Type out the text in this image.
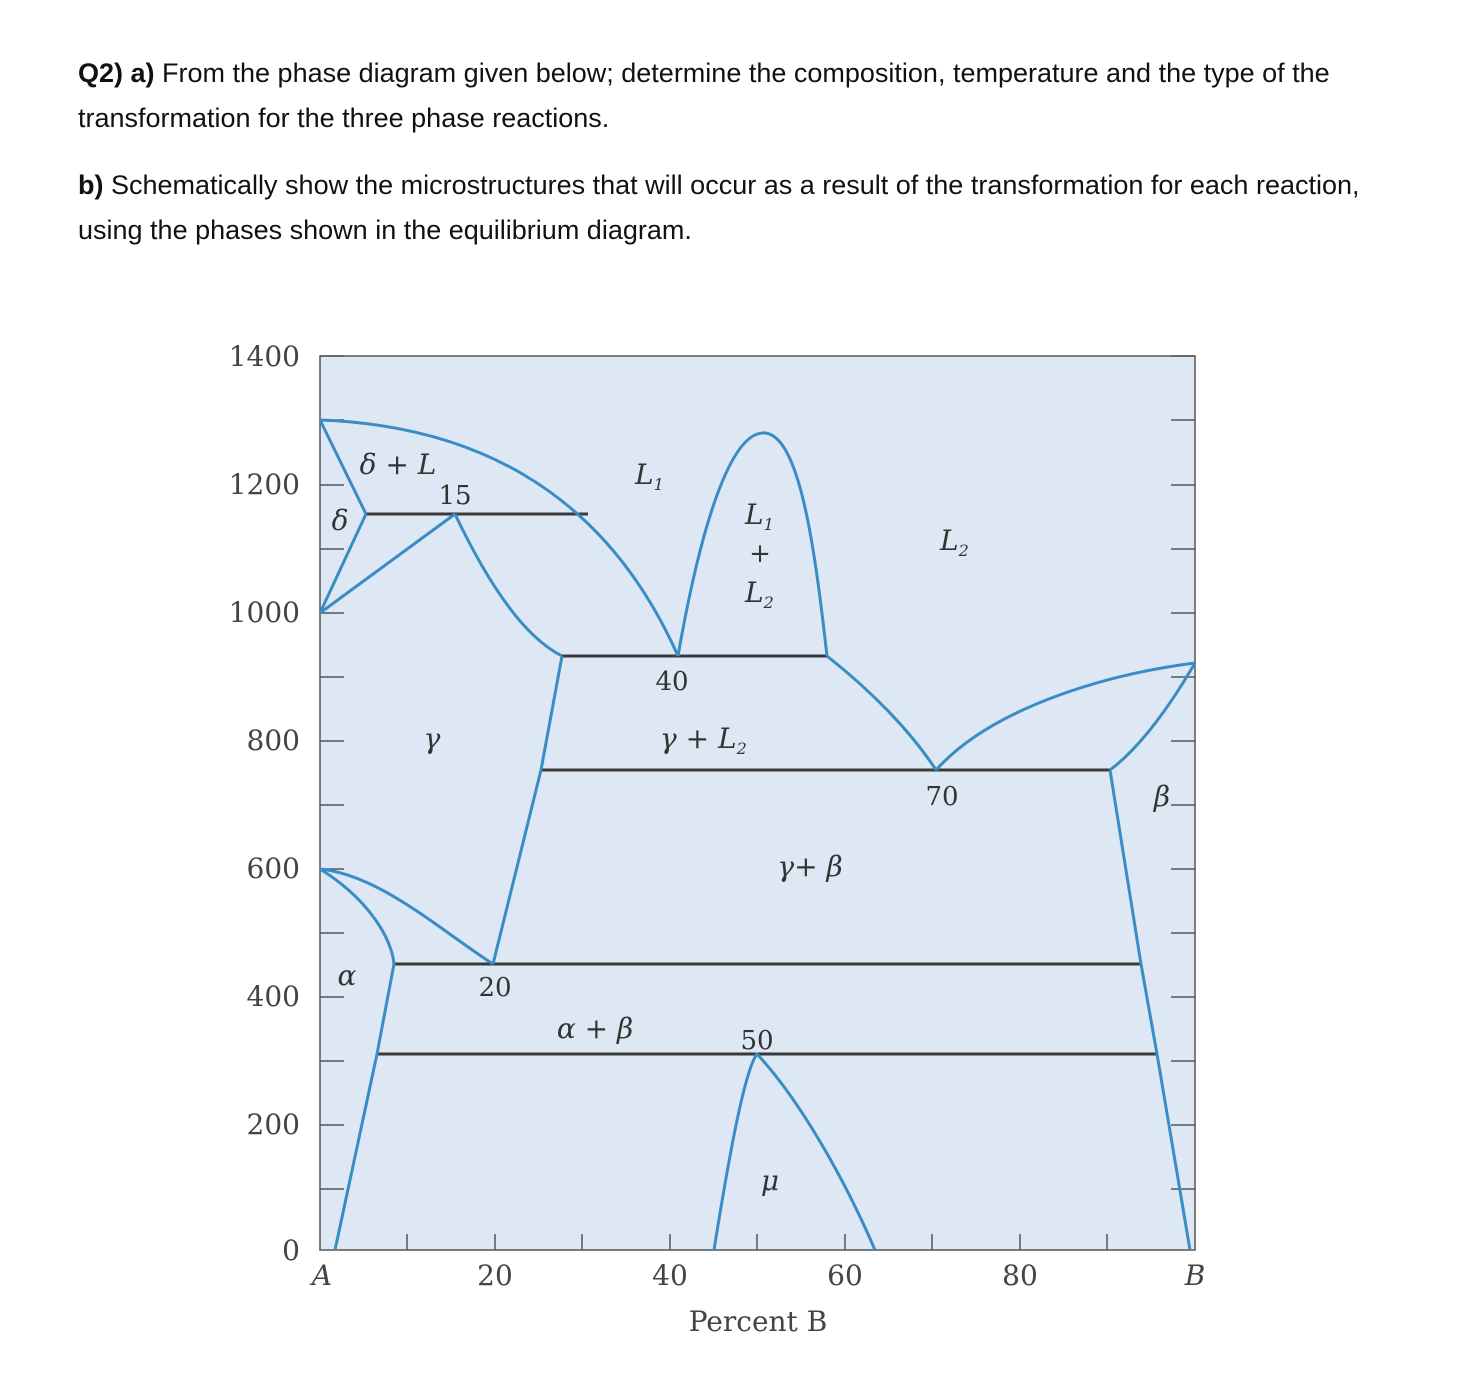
Q2) a) From the phase diagram given below; determine the composition, temperature and the type of the transformation for the three phase reactions.
b) Schematically show the microstructures that will occur as a result of the transformation for each reaction, using the phases shown in the equilibrium diagram.
1400
1200
1000
800
600
400
200
0
A	20	40	60	80	B
Percent B
δ + L
δ
15
$L_1$
$L_1$
+
$L_2$
$L_2$
40
γ	$\gamma + L_2$
70	β
γ+ β
α	20
α + β	50
μ
